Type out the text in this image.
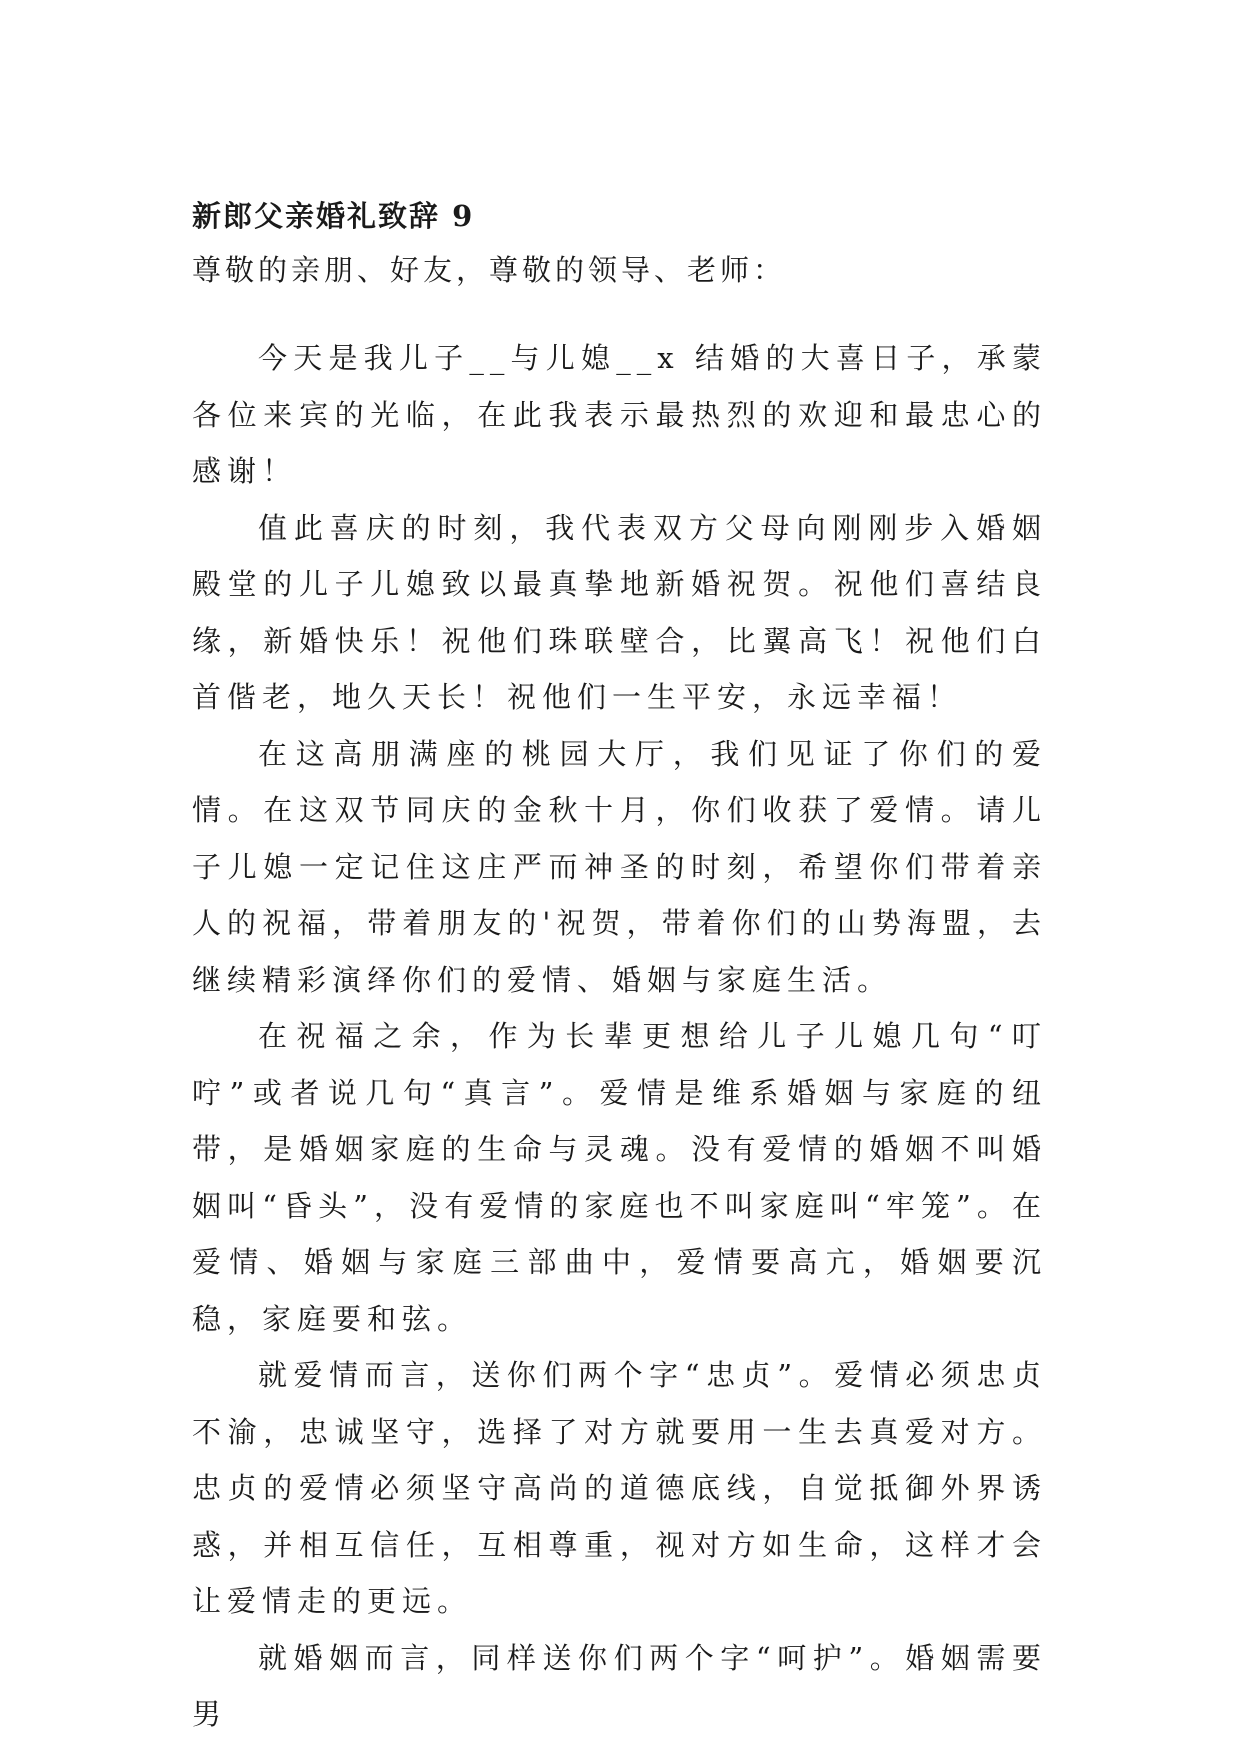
新郎父亲婚礼致辞 9

尊敬的亲朋、好友，尊敬的领导、老师：

今天是我儿子__与儿媳__x 结婚的大喜日子，承蒙各位来宾的光临，在此我表示最热烈的欢迎和最忠心的感谢！

值此喜庆的时刻，我代表双方父母向刚刚步入婚姻殿堂的儿子儿媳致以最真挚地新婚祝贺。祝他们喜结良缘，新婚快乐！祝他们珠联壁合，比翼高飞！祝他们白首偕老，地久天长！祝他们一生平安，永远幸福！

在这高朋满座的桃园大厅，我们见证了你们的爱情。在这双节同庆的金秋十月，你们收获了爱情。请儿子儿媳一定记住这庄严而神圣的时刻，希望你们带着亲人的祝福，带着朋友的'祝贺，带着你们的山势海盟，去继续精彩演绎你们的爱情、婚姻与家庭生活。

在祝福之余，作为长辈更想给儿子儿媳几句“叮咛”或者说几句“真言”。爱情是维系婚姻与家庭的纽带，是婚姻家庭的生命与灵魂。没有爱情的婚姻不叫婚姻叫“昏头”，没有爱情的家庭也不叫家庭叫“牢笼”。在爱情、婚姻与家庭三部曲中，爱情要高亢，婚姻要沉稳，家庭要和弦。

就爱情而言，送你们两个字“忠贞”。爱情必须忠贞不渝，忠诚坚守，选择了对方就要用一生去真爱对方。忠贞的爱情必须坚守高尚的道德底线，自觉抵御外界诱惑，并相互信任，互相尊重，视对方如生命，这样才会让爱情走的更远。

就婚姻而言，同样送你们两个字“呵护”。婚姻需要男
